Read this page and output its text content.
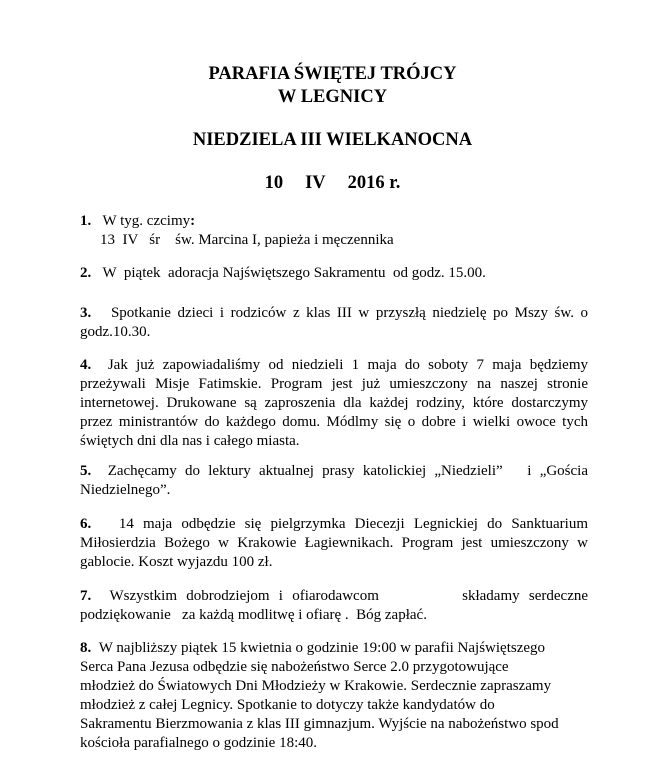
PARAFIA ŚWIĘTEJ TRÓJCY
W LEGNICY
NIEDZIELA III WIELKANOCNA
10 IV 2016 r.
1. W tyg. czcimy:
13  IV   śr    św. Marcina I, papieża i męczennika
2. W  piątek  adoracja Najświętszego Sakramentu  od godz. 15.00.
3. Spotkanie dzieci i rodziców z klas III w przyszłą niedzielę po Mszy św. o
godz.10.30.
4. Jak już zapowiadaliśmy od niedzieli 1 maja do soboty 7 maja będziemy
przeżywali Misje Fatimskie. Program jest już umieszczony na naszej stronie
internetowej. Drukowane są zaproszenia dla każdej rodziny, które dostarczymy
przez ministrantów do każdego domu. Módlmy się o dobre i wielki owoce tych
świętych dni dla nas i całego miasta.
5. Zachęcamy do lektury aktualnej prasy katolickiej „Niedzieli”   i „Gościa
Niedzielnego”.
6. 14 maja odbędzie się pielgrzymka Diecezji Legnickiej do Sanktuarium
Miłosierdzia Bożego w Krakowie Łagiewnikach. Program jest umieszczony w
gablocie. Koszt wyjazdu 100 zł.
7. Wszystkim dobrodziejom i ofiarodawcom         składamy serdeczne
podziękowanie   za każdą modlitwę i ofiarę .  Bóg zapłać.
8. W najbliższy piątek 15 kwietnia o godzinie 19:00 w parafii Najświętszego
Serca Pana Jezusa odbędzie się nabożeństwo Serce 2.0 przygotowujące
młodzież do Światowych Dni Młodzieży w Krakowie. Serdecznie zapraszamy
młodzież z całej Legnicy. Spotkanie to dotyczy także kandydatów do
Sakramentu Bierzmowania z klas III gimnazjum. Wyjście na nabożeństwo spod
kościoła parafialnego o godzinie 18:40.
